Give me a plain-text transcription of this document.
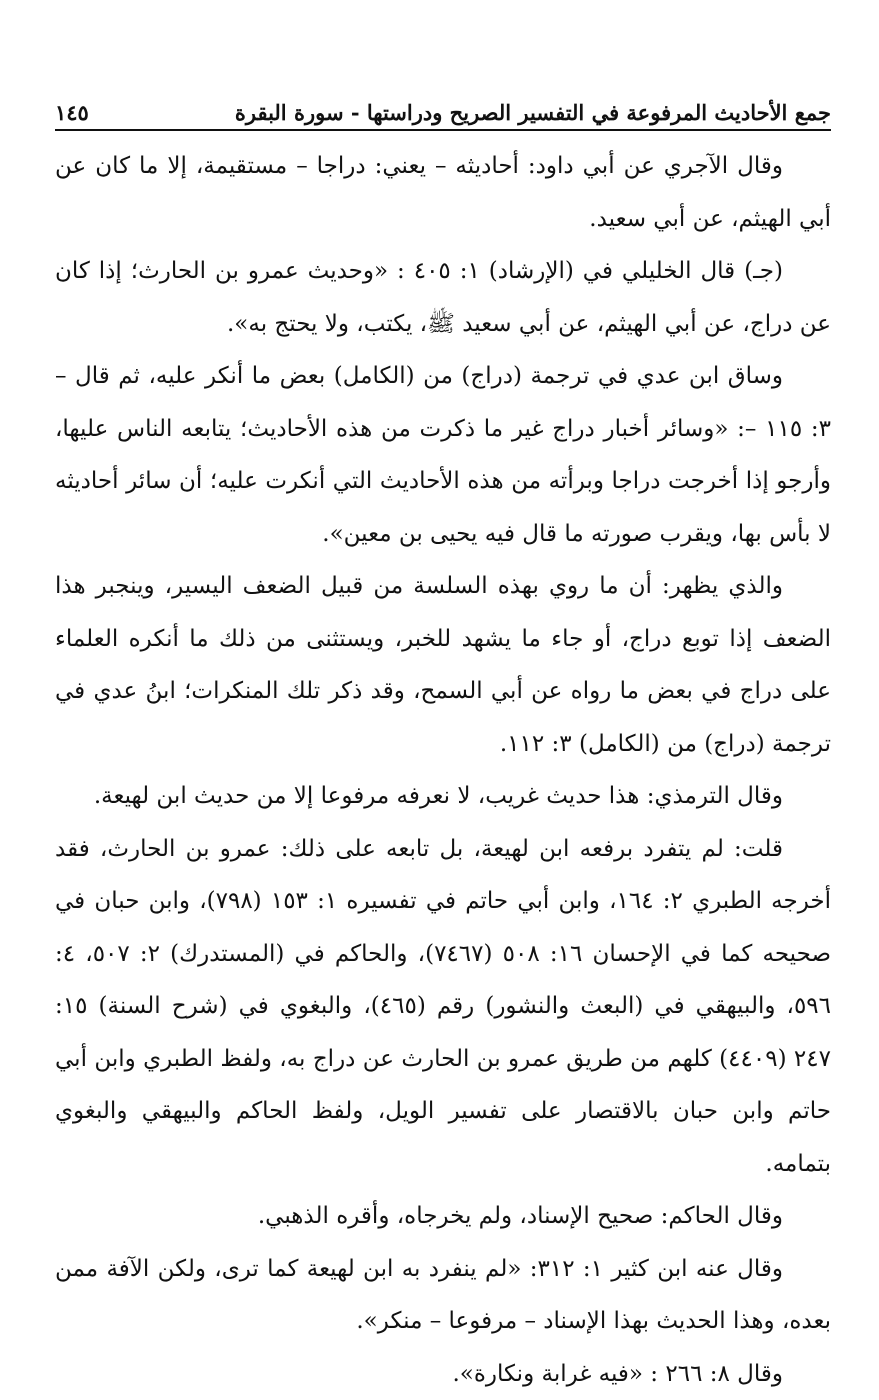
١٤٥	جمع الأحاديث المرفوعة في التفسير الصريح ودراستها - سورة البقرة

وقال الآجري عن أبي داود: أحاديثه – يعني: دراجا – مستقيمة، إلا ما كان عن أبي الهيثم، عن أبي سعيد.

(جـ) قال الخليلي في (الإرشاد) ١: ٤٠٥ : «وحديث عمرو بن الحارث؛ إذا كان عن دراج، عن أبي الهيثم، عن أبي سعيد ﷺ، يكتب، ولا يحتج به».

وساق ابن عدي في ترجمة (دراج) من (الكامل) بعض ما أنكر عليه، ثم قال – ٣: ١١٥ –: «وسائر أخبار دراج غير ما ذكرت من هذه الأحاديث؛ يتابعه الناس عليها، وأرجو إذا أخرجت دراجا وبرأته من هذه الأحاديث التي أنكرت عليه؛ أن سائر أحاديثه لا بأس بها، ويقرب صورته ما قال فيه يحيى بن معين».

والذي يظهر: أن ما روي بهذه السلسة من قبيل الضعف اليسير، وينجبر هذا الضعف إذا توبع دراج، أو جاء ما يشهد للخبر، ويستثنى من ذلك ما أنكره العلماء على دراج في بعض ما رواه عن أبي السمح، وقد ذكر تلك المنكرات؛ ابنُ عدي في ترجمة (دراج) من (الكامل) ٣: ١١٢.

وقال الترمذي: هذا حديث غريب، لا نعرفه مرفوعا إلا من حديث ابن لهيعة.

قلت: لم يتفرد برفعه ابن لهيعة، بل تابعه على ذلك: عمرو بن الحارث، فقد أخرجه الطبري ٢: ١٦٤، وابن أبي حاتم في تفسيره ١: ١٥٣ (٧٩٨)، وابن حبان في صحيحه كما في الإحسان ١٦: ٥٠٨ (٧٤٦٧)، والحاكم في (المستدرك) ٢: ٥٠٧، ٤: ٥٩٦، والبيهقي في (البعث والنشور) رقم (٤٦٥)، والبغوي في (شرح السنة) ١٥: ٢٤٧ (٤٤٠٩) كلهم من طريق عمرو بن الحارث عن دراج به، ولفظ الطبري وابن أبي حاتم وابن حبان بالاقتصار على تفسير الويل، ولفظ الحاكم والبيهقي والبغوي بتمامه.

وقال الحاكم: صحيح الإسناد، ولم يخرجاه، وأقره الذهبي.

وقال عنه ابن كثير ١: ٣١٢: «لم ينفرد به ابن لهيعة كما ترى، ولكن الآفة ممن بعده، وهذا الحديث بهذا الإسناد – مرفوعا – منكر».

وقال ٨: ٢٦٦ : «فيه غرابة ونكارة».
